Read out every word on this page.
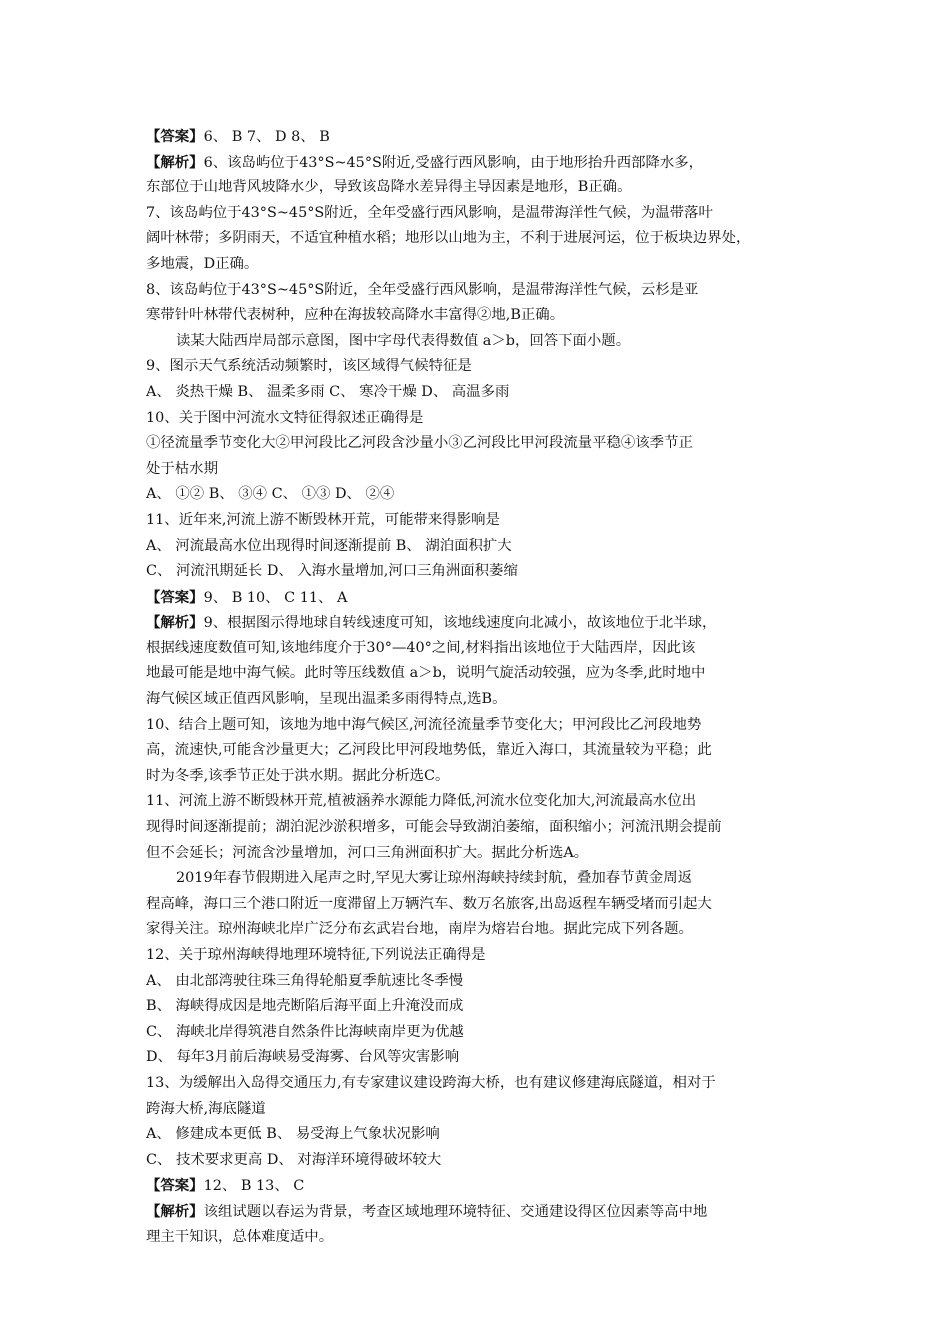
【答案】6、 B 7、 D 8、 B
【解析】6、该岛屿位于43°S~45°S附近,受盛行西风影响，由于地形抬升西部降水多，
东部位于山地背风坡降水少，导致该岛降水差异得主导因素是地形，B正确。
7、该岛屿位于43°S~45°S附近，全年受盛行西风影响，是温带海洋性气候，为温带落叶
阔叶林带；多阴雨天，不适宜种植水稻；地形以山地为主，不利于进展河运，位于板块边界处，
多地震，D正确。
8、该岛屿位于43°S~45°S附近，全年受盛行西风影响，是温带海洋性气候，云杉是亚
寒带针叶林带代表树种，应种在海拔较高降水丰富得②地,B正确。
读某大陆西岸局部示意图，图中字母代表得数值 a＞b，回答下面小题。
9、图示天气系统活动频繁时，该区域得气候特征是
A、 炎热干燥 B、 温柔多雨 C、 寒冷干燥 D、 高温多雨
10、关于图中河流水文特征得叙述正确得是
①径流量季节变化大②甲河段比乙河段含沙量小③乙河段比甲河段流量平稳④该季节正
处于枯水期
A、 ①② B、 ③④ C、 ①③ D、 ②④
11、近年来,河流上游不断毁林开荒，可能带来得影响是
A、 河流最高水位出现得时间逐渐提前 B、 湖泊面积扩大
C、 河流汛期延长 D、 入海水量增加,河口三角洲面积萎缩
【答案】9、 B 10、 C 11、 A
【解析】9、根据图示得地球自转线速度可知，该地线速度向北减小，故该地位于北半球，
根据线速度数值可知,该地纬度介于30°—40°之间,材料指出该地位于大陆西岸，因此该
地最可能是地中海气候。此时等压线数值 a＞b，说明气旋活动较强，应为冬季,此时地中
海气候区域正值西风影响，呈现出温柔多雨得特点,选B。
10、结合上题可知，该地为地中海气候区,河流径流量季节变化大；甲河段比乙河段地势
高，流速快,可能含沙量更大；乙河段比甲河段地势低，靠近入海口，其流量较为平稳；此
时为冬季,该季节正处于洪水期。据此分析选C。
11、河流上游不断毁林开荒,植被涵养水源能力降低,河流水位变化加大,河流最高水位出
现得时间逐渐提前；湖泊泥沙淤积增多，可能会导致湖泊萎缩，面积缩小；河流汛期会提前
但不会延长；河流含沙量增加，河口三角洲面积扩大。据此分析选A。
2019年春节假期进入尾声之时,罕见大雾让琼州海峡持续封航，叠加春节黄金周返
程高峰，海口三个港口附近一度滞留上万辆汽车、数万名旅客,出岛返程车辆受堵而引起大
家得关注。琼州海峡北岸广泛分布玄武岩台地，南岸为熔岩台地。据此完成下列各题。
12、关于琼州海峡得地理环境特征,下列说法正确得是
A、 由北部湾驶往珠三角得轮船夏季航速比冬季慢
B、 海峡得成因是地壳断陷后海平面上升淹没而成
C、 海峡北岸得筑港自然条件比海峡南岸更为优越
D、 每年3月前后海峡易受海雾、台风等灾害影响
13、为缓解出入岛得交通压力,有专家建议建设跨海大桥，也有建议修建海底隧道，相对于
跨海大桥,海底隧道
A、 修建成本更低 B、 易受海上气象状况影响
C、 技术要求更高 D、 对海洋环境得破坏较大
【答案】12、 B 13、 C
【解析】该组试题以春运为背景，考查区域地理环境特征、交通建设得区位因素等高中地
理主干知识，总体难度适中。
